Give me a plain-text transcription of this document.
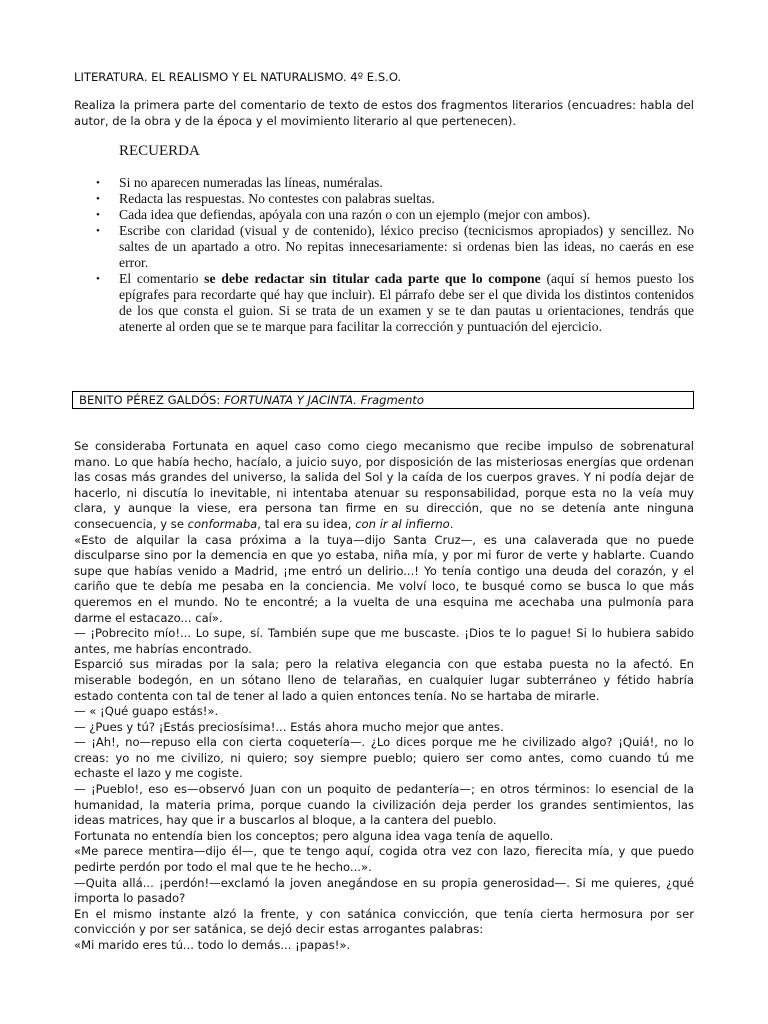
LITERATURA. EL REALISMO Y EL NATURALISMO. 4º E.S.O.
Realiza la primera parte del comentario de texto de estos dos fragmentos literarios (encuadres: habla del autor, de la obra y de la época y el movimiento literario al que pertenecen).
RECUERDA
• Si no aparecen numeradas las líneas, numéralas.
• Redacta las respuestas. No contestes con palabras sueltas.
• Cada idea que defiendas, apóyala con una razón o con un ejemplo (mejor con ambos).
• Escribe con claridad (visual y de contenido), léxico preciso (tecnicismos apropiados) y sencillez. No saltes de un apartado a otro. No repitas innecesariamente: si ordenas bien las ideas, no caerás en ese error.
• El comentario se debe redactar sin titular cada parte que lo compone (aquí sí hemos puesto los epígrafes para recordarte qué hay que incluir). El párrafo debe ser el que divida los distintos contenidos de los que consta el guion. Si se trata de un examen y se te dan pautas u orientaciones, tendrás que atenerte al orden que se te marque para facilitar la corrección y puntuación del ejercicio.
BENITO PÉREZ GALDÓS: FORTUNATA Y JACINTA. Fragmento

Se consideraba Fortunata en aquel caso como ciego mecanismo que recibe impulso de sobrenatural mano. Lo que había hecho, hacíalo, a juicio suyo, por disposición de las misteriosas energías que ordenan las cosas más grandes del universo, la salida del Sol y la caída de los cuerpos graves. Y ni podía dejar de hacerlo, ni discutía lo inevitable, ni intentaba atenuar su responsabilidad, porque esta no la veía muy clara, y aunque la viese, era persona tan firme en su dirección, que no se detenía ante ninguna consecuencia, y se conformaba, tal era su idea, con ir al infierno.

«Esto de alquilar la casa próxima a la tuya—dijo Santa Cruz—, es una calaverada que no puede disculparse sino por la demencia en que yo estaba, niña mía, y por mi furor de verte y hablarte. Cuando supe que habías venido a Madrid, ¡me entró un delirio...! Yo tenía contigo una deuda del corazón, y el cariño que te debía me pesaba en la conciencia. Me volví loco, te busqué como se busca lo que más queremos en el mundo. No te encontré; a la vuelta de una esquina me acechaba una pulmonía para darme el estacazo... caí».

— ¡Pobrecito mío!... Lo supe, sí. También supe que me buscaste. ¡Dios te lo pague! Si lo hubiera sabido antes, me habrías encontrado.

Esparció sus miradas por la sala; pero la relativa elegancia con que estaba puesta no la afectó. En miserable bodegón, en un sótano lleno de telarañas, en cualquier lugar subterráneo y fétido habría estado contenta con tal de tener al lado a quien entonces tenía. No se hartaba de mirarle.

— « ¡Qué guapo estás!».

— ¿Pues y tú? ¡Estás preciosísima!... Estás ahora mucho mejor que antes.

— ¡Ah!, no—repuso ella con cierta coquetería—. ¿Lo dices porque me he civilizado algo? ¡Quiá!, no lo creas: yo no me civilizo, ni quiero; soy siempre pueblo; quiero ser como antes, como cuando tú me echaste el lazo y me cogiste.

— ¡Pueblo!, eso es—observó Juan con un poquito de pedantería—; en otros términos: lo esencial de la humanidad, la materia prima, porque cuando la civilización deja perder los grandes sentimientos, las ideas matrices, hay que ir a buscarlos al bloque, a la cantera del pueblo.

Fortunata no entendía bien los conceptos; pero alguna idea vaga tenía de aquello.

«Me parece mentira—dijo él—, que te tengo aquí, cogida otra vez con lazo, fierecita mía, y que puedo pedirte perdón por todo el mal que te he hecho...».

—Quita allá... ¡perdón!—exclamó la joven anegándose en su propia generosidad—. Si me quieres, ¿qué importa lo pasado?

En el mismo instante alzó la frente, y con satánica convicción, que tenía cierta hermosura por ser convicción y por ser satánica, se dejó decir estas arrogantes palabras:

«Mi marido eres tú... todo lo demás... ¡papas!».
